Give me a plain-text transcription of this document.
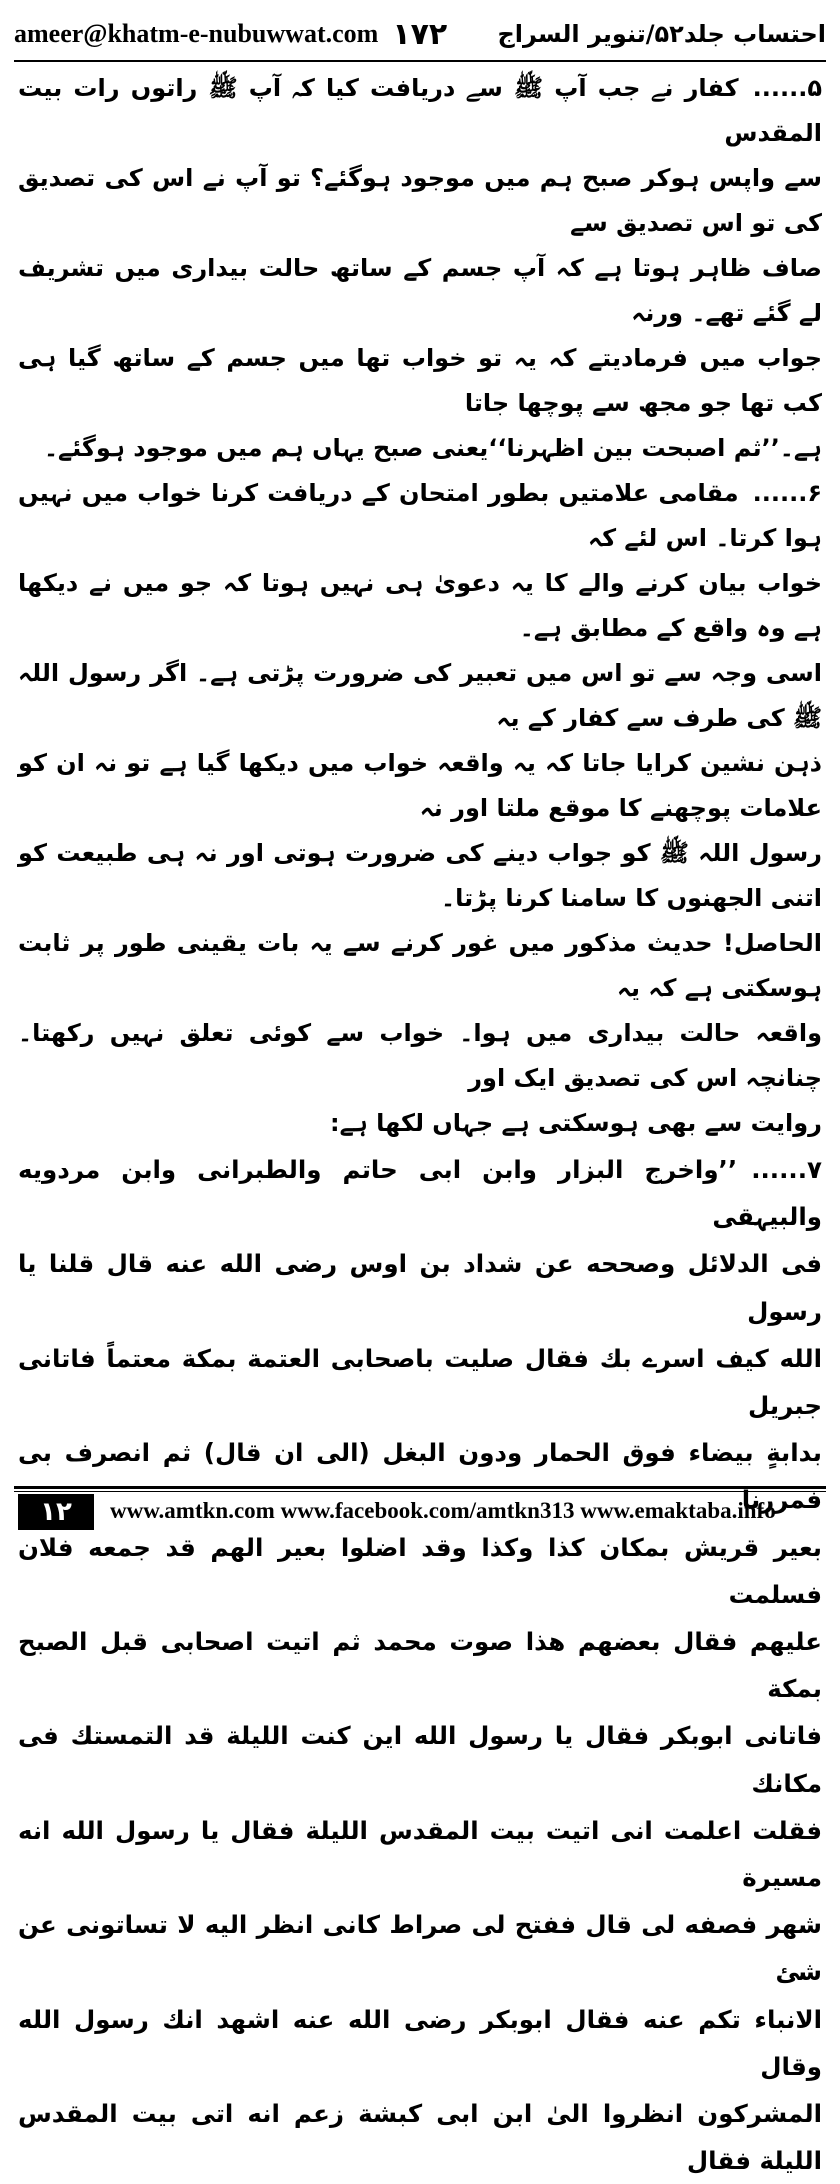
ameer@khatm-e-nubuwwat.com ۱۷۲ احتساب جلد۵۲/تنویر السراج

۵......کفار نے جب آپ ﷺ سے دریافت کیا کہ آپ ﷺ راتوں رات بیت المقدس

سے واپس ہوکر صبح ہم میں موجود ہوگئے؟ تو آپ نے اس کی تصدیق کی تو اس تصدیق سے

صاف ظاہر ہوتا ہے کہ آپ جسم کے ساتھ حالت بیداری میں تشریف لے گئے تھے۔ ورنہ

جواب میں فرمادیتے کہ یہ تو خواب تھا میں جسم کے ساتھ گیا ہی کب تھا جو مجھ سے پوچھا جاتا

ہے۔’’ثم اصبحت بین اظہرنا‘‘یعنی صبح یہاں ہم میں موجود ہوگئے۔

۶......مقامی علامتیں بطور امتحان کے دریافت کرنا خواب میں نہیں ہوا کرتا۔ اس لئے کہ

خواب بیان کرنے والے کا یہ دعویٰ ہی نہیں ہوتا کہ جو میں نے دیکھا ہے وہ واقع کے مطابق ہے۔

اسی وجہ سے تو اس میں تعبیر کی ضرورت پڑتی ہے۔ اگر رسول اللہ ﷺ کی طرف سے کفار کے یہ

ذہن نشین کرایا جاتا کہ یہ واقعہ خواب میں دیکھا گیا ہے تو نہ ان کو علامات پوچھنے کا موقع ملتا اور نہ

رسول اللہ ﷺ کو جواب دینے کی ضرورت ہوتی اور نہ ہی طبیعت کو اتنی الجھنوں کا سامنا کرنا پڑتا۔

الحاصل! حدیث مذکور میں غور کرنے سے یہ بات یقینی طور پر ثابت ہوسکتی ہے کہ یہ

واقعہ حالت بیداری میں ہوا۔ خواب سے کوئی تعلق نہیں رکھتا۔ چنانچہ اس کی تصدیق ایک اور

روایت سے بھی ہوسکتی ہے جہاں لکھا ہے:

۷......’’واخرج البزار وابن ابی حاتم والطبرانی وابن مردویه والبیہقی

فی الدلائل وصححه عن شداد بن اوس رضی الله عنه قال قلنا یا رسول

الله کیف اسرے بك فقال صلیت باصحابی العتمة بمکة معتماً فاتانی جبریل

بدابةٍ بیضاء فوق الحمار ودون البغل (الی ان قال) ثم انصرف بی فمررنا

بعیر قریش بمکان کذا وکذا وقد اضلوا بعیر الهم قد جمعه فلان فسلمت

علیهم فقال بعضهم هذا صوت محمد ثم اتیت اصحابی قبل الصبح بمکة

فاتانی ابوبکر فقال یا رسول الله این کنت اللیلة قد التمستك فی مکانك

فقلت اعلمت انی اتیت بیت المقدس اللیلة فقال یا رسول الله انه مسیرة

شهر فصفه لی قال ففتح لی صراط کانی انظر الیه لا تساتونی عن شئ

الانباء تکم عنه فقال ابوبکر رضی الله عنه اشهد انك رسول الله وقال

المشرکون انظروا الیٰ ابن ابی کبشة زعم انه اتی بیت المقدس اللیلة فقال

۱۲	www.amtkn.com www.facebook.com/amtkn313 www.emaktaba.info
